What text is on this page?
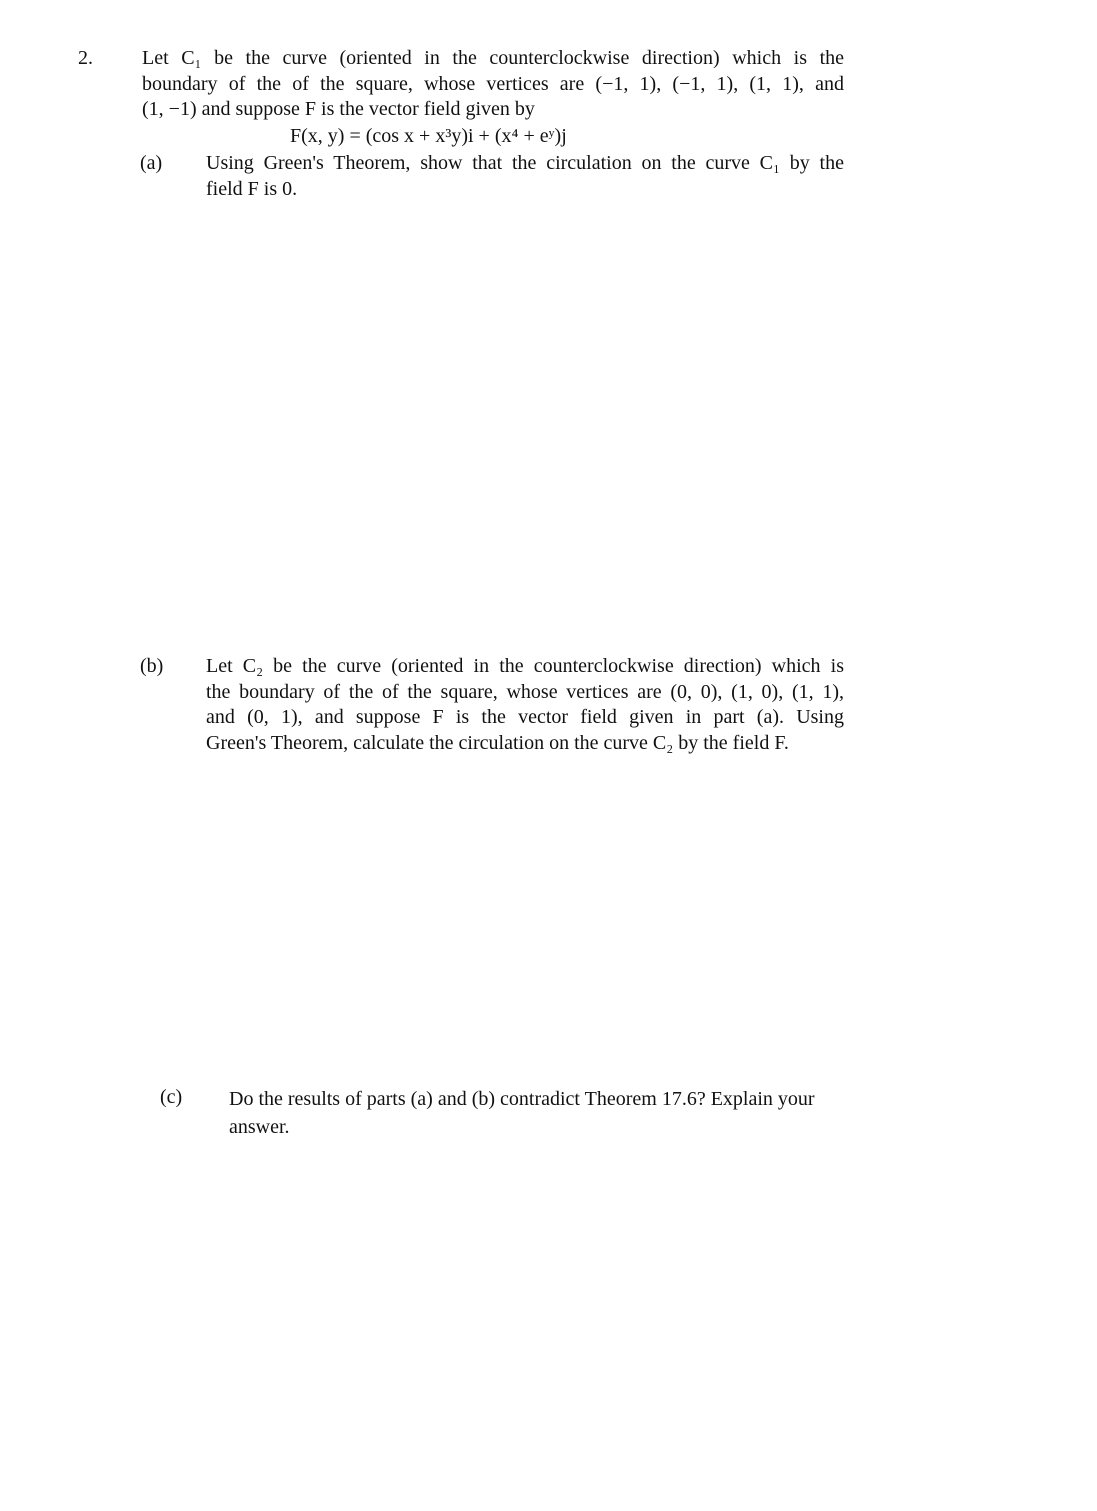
2. Let C₁ be the curve (oriented in the counterclockwise direction) which is the
boundary of the of the square, whose vertices are (−1, 1), (−1, 1), (1, 1), and
(1, −1) and suppose F is the vector field given by
F(x, y) = (cos x + x³y)i + (x⁴ + eʸ)j
(a) Using Green's Theorem, show that the circulation on the curve C₁ by the
field F is 0.
(b) Let C₂ be the curve (oriented in the counterclockwise direction) which is
the boundary of the of the square, whose vertices are (0, 0), (1, 0), (1, 1),
and (0, 1), and suppose F is the vector field given in part (a). Using
Green's Theorem, calculate the circulation on the curve C₂ by the field F.
(c) Do the results of parts (a) and (b) contradict Theorem 17.6? Explain your
answer.
